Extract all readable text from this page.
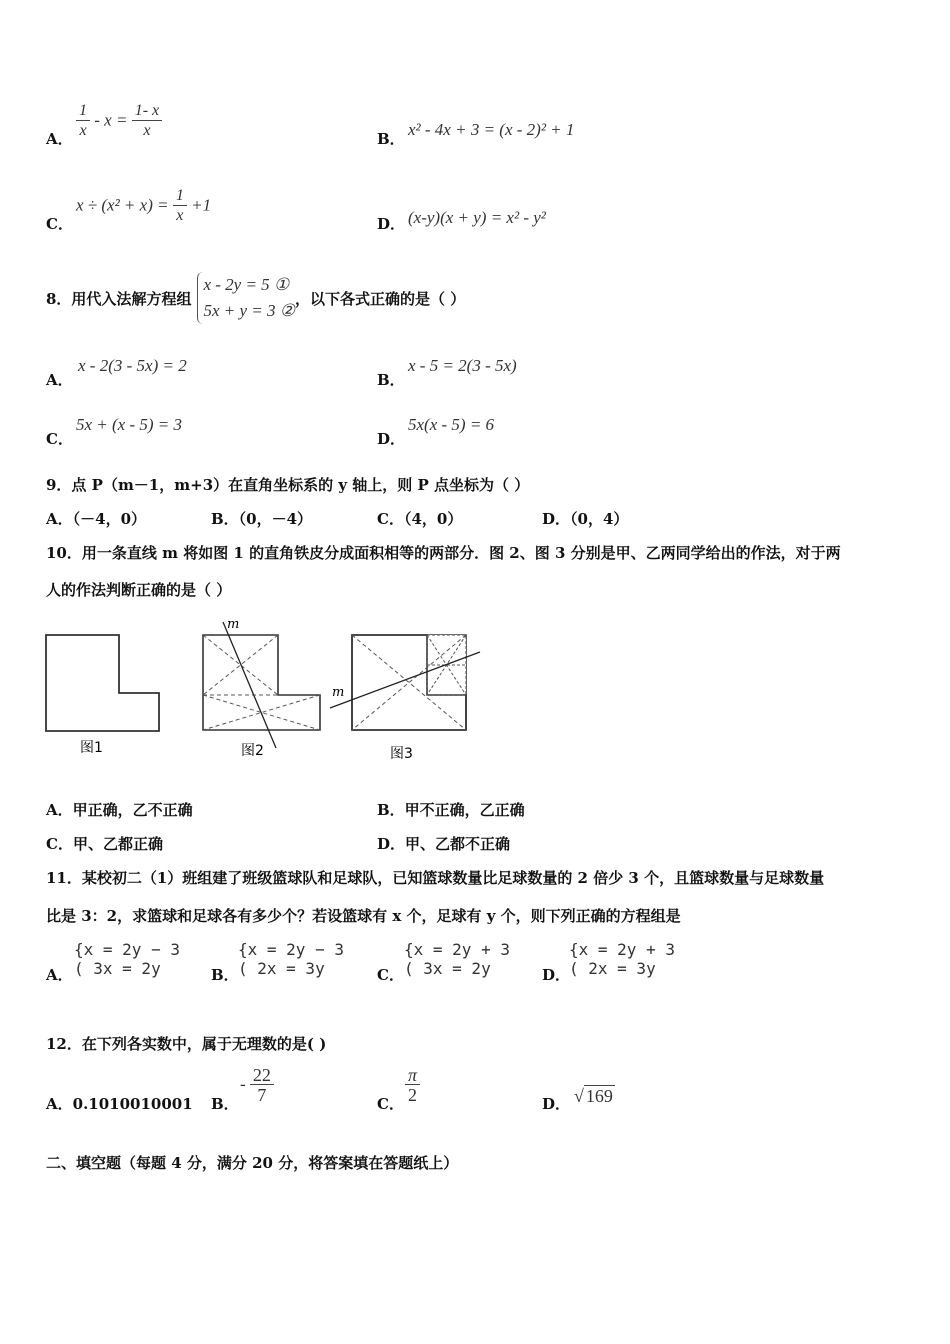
A． $\frac{1}{x} - x = \frac{1- x}{x}$	B． x² - 4x + 3 = (x - 2)² + 1
C．
$x \div (x^2 + x) = \frac{1}{x} +1$
D． (x-y)(x + y) = x² - y²
8．用代入法解方程组
x - 2y = 5 ①
5x + y = 3 ②
，以下各式正确的是（ ）
A．
x - 2(3 - 5x) = 2
B．
x - 5 = 2(3 - 5x)
C．
5x + (x - 5) = 3
D．
5x(x - 5) = 6
9．点 P（m－1，m+3）在直角坐标系的 y 轴上，则 P 点坐标为（ ）
A．（－4，0）	B．（0，－4）	C．（4，0）	D．（0，4）
10．用一条直线 m 将如图 1 的直角铁皮分成面积相等的两部分．图 2、图 3 分别是甲、乙两同学给出的作法，对于两
人的作法判断正确的是（ ）
图1
m
图2
m
图3
A．甲正确，乙不正确	B．甲不正确，乙正确
C．甲、乙都正确	D．甲、乙都不正确
11．某校初二（1）班组建了班级篮球队和足球队，已知篮球数量比足球数量的 2 倍少 3 个，且篮球数量与足球数量
比是 3：2，求篮球和足球各有多少个？若设篮球有 x 个，足球有 y 个，则下列正确的方程组是
A．
{x = 2y − 3
( 3x = 2y	B．
{x = 2y − 3
( 2x = 3y	C．
{x = 2y + 3
( 3x = 2y	D．
{x = 2y + 3
( 2x = 3y
12．在下列各实数中，属于无理数的是( )
A．0.1010010001 B．
- $\frac{22}{7}$	C． $\frac{\pi}{2}$	D． √ 169
二、填空题（每题 4 分，满分 20 分，将答案填在答题纸上）
